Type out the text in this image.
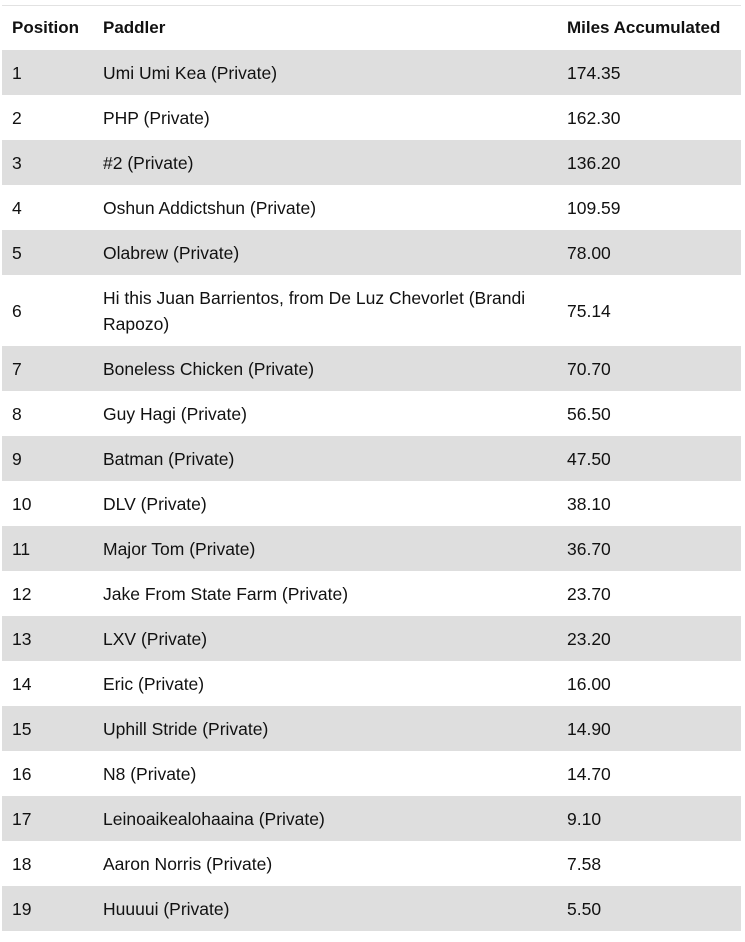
Position	Paddler	Miles Accumulated
1	Umi Umi Kea (Private)	174.35
2	PHP (Private)	162.30
3	#2 (Private)	136.20
4	Oshun Addictshun (Private)	109.59
5	Olabrew (Private)	78.00
6	Hi this Juan Barrientos, from De Luz Chevorlet (Brandi Rapozo)	75.14
7	Boneless Chicken (Private)	70.70
8	Guy Hagi (Private)	56.50
9	Batman (Private)	47.50
10	DLV (Private)	38.10
11	Major Tom (Private)	36.70
12	Jake From State Farm (Private)	23.70
13	LXV (Private)	23.20
14	Eric (Private)	16.00
15	Uphill Stride (Private)	14.90
16	N8 (Private)	14.70
17	Leinoaikealohaaina (Private)	9.10
18	Aaron Norris (Private)	7.58
19	Huuuui (Private)	5.50
